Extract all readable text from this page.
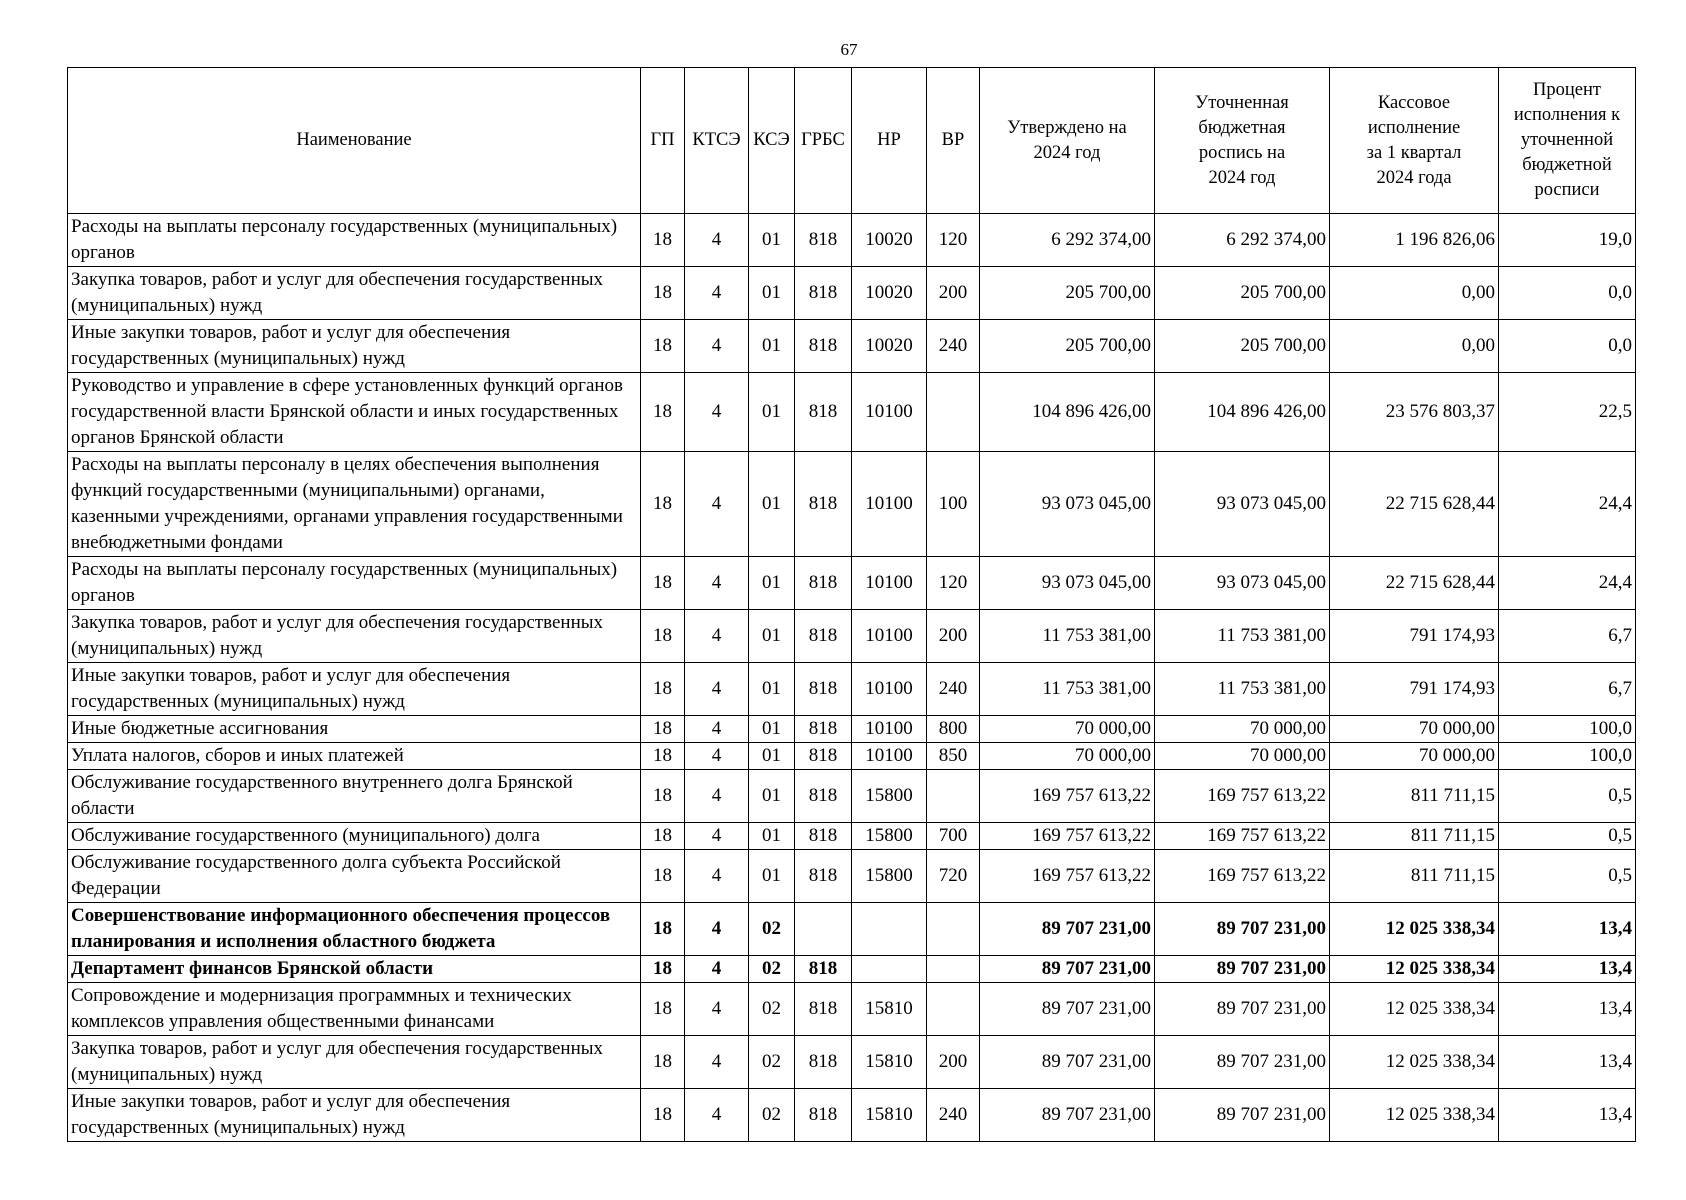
67
Наименование	ГП	КТСЭ	КСЭ	ГРБС	НР	ВР	Утверждено на 2024 год	Уточненная бюджетная роспись на 2024 год	Кассовое исполнение за 1 квартал 2024 года	Процент исполнения к уточненной бюджетной росписи
Расходы на выплаты персоналу государственных (муниципальных) органов	18	4	01	818	10020	120	6 292 374,00	6 292 374,00	1 196 826,06	19,0
Закупка товаров, работ и услуг для обеспечения государственных (муниципальных) нужд	18	4	01	818	10020	200	205 700,00	205 700,00	0,00	0,0
Иные закупки товаров, работ и услуг для обеспечения государственных (муниципальных) нужд	18	4	01	818	10020	240	205 700,00	205 700,00	0,00	0,0
Руководство и управление в сфере установленных функций органов государственной власти Брянской области и иных государственных органов Брянской области	18	4	01	818	10100		104 896 426,00	104 896 426,00	23 576 803,37	22,5
Расходы на выплаты персоналу в целях обеспечения выполнения функций государственными (муниципальными) органами, казенными учреждениями, органами управления государственными внебюджетными фондами	18	4	01	818	10100	100	93 073 045,00	93 073 045,00	22 715 628,44	24,4
Расходы на выплаты персоналу государственных (муниципальных) органов	18	4	01	818	10100	120	93 073 045,00	93 073 045,00	22 715 628,44	24,4
Закупка товаров, работ и услуг для обеспечения государственных (муниципальных) нужд	18	4	01	818	10100	200	11 753 381,00	11 753 381,00	791 174,93	6,7
Иные закупки товаров, работ и услуг для обеспечения государственных (муниципальных) нужд	18	4	01	818	10100	240	11 753 381,00	11 753 381,00	791 174,93	6,7
Иные бюджетные ассигнования	18	4	01	818	10100	800	70 000,00	70 000,00	70 000,00	100,0
Уплата налогов, сборов и иных платежей	18	4	01	818	10100	850	70 000,00	70 000,00	70 000,00	100,0
Обслуживание государственного внутреннего долга Брянской области	18	4	01	818	15800		169 757 613,22	169 757 613,22	811 711,15	0,5
Обслуживание государственного (муниципального) долга	18	4	01	818	15800	700	169 757 613,22	169 757 613,22	811 711,15	0,5
Обслуживание государственного долга субъекта Российской Федерации	18	4	01	818	15800	720	169 757 613,22	169 757 613,22	811 711,15	0,5
Совершенствование информационного обеспечения процессов планирования и исполнения областного бюджета	18	4	02				89 707 231,00	89 707 231,00	12 025 338,34	13,4
Департамент финансов Брянской области	18	4	02	818			89 707 231,00	89 707 231,00	12 025 338,34	13,4
Сопровождение и модернизация программных и технических комплексов управления общественными финансами	18	4	02	818	15810		89 707 231,00	89 707 231,00	12 025 338,34	13,4
Закупка товаров, работ и услуг для обеспечения государственных (муниципальных) нужд	18	4	02	818	15810	200	89 707 231,00	89 707 231,00	12 025 338,34	13,4
Иные закупки товаров, работ и услуг для обеспечения государственных (муниципальных) нужд	18	4	02	818	15810	240	89 707 231,00	89 707 231,00	12 025 338,34	13,4
